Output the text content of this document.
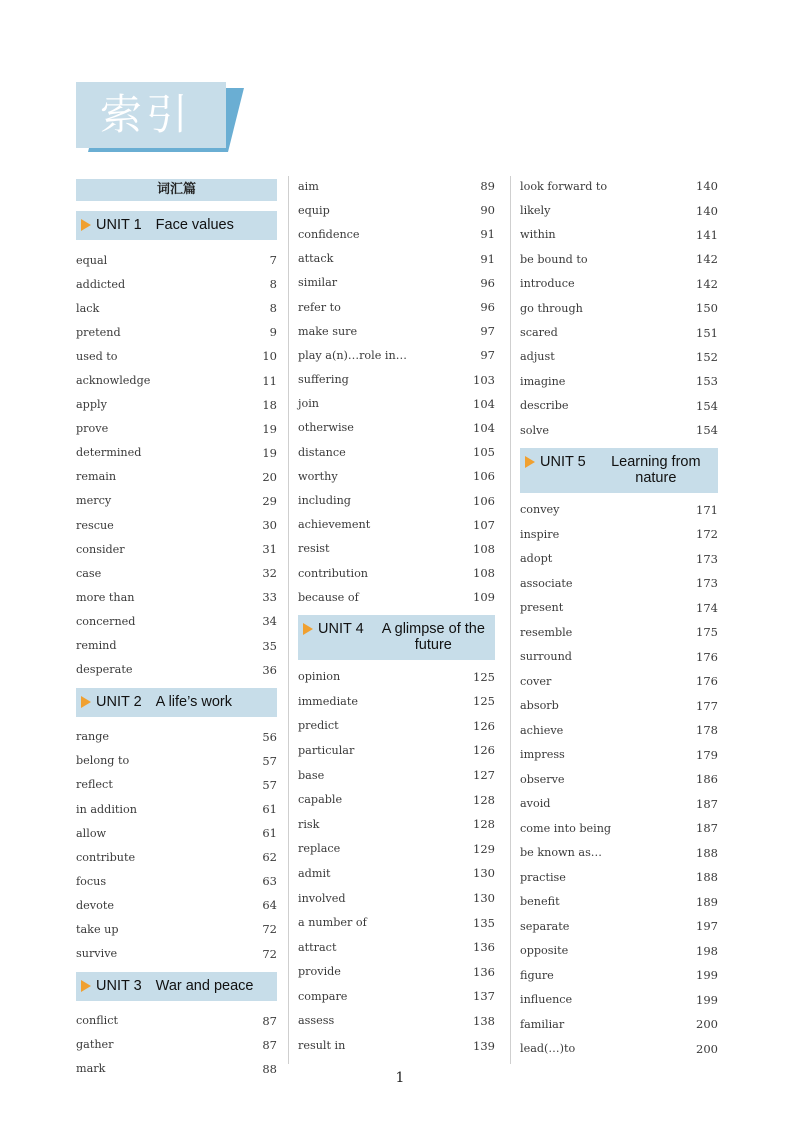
索引
词汇篇
UNIT 1 Face values
equal	7
addicted	8
lack	8
pretend	9
used to	10
acknowledge	11
apply	18
prove	19
determined	19
remain	20
mercy	29
rescue	30
consider	31
case	32
more than	33
concerned	34
remind	35
desperate	36
UNIT 2 A life’s work
range	56
belong to	57
reflect	57
in addition	61
allow	61
contribute	62
focus	63
devote	64
take up	72
survive	72
UNIT 3 War and peace
conflict	87
gather	87
mark	88
aim	89
equip	90
confidence	91
attack	91
similar	96
refer to	96
make sure	97
play a(n)…role in…	97
suffering	103
join	104
otherwise	104
distance	105
worthy	106
including	106
achievement	107
resist	108
contribution	108
because of	109
UNIT 4 A glimpse of the future
opinion	125
immediate	125
predict	126
particular	126
base	127
capable	128
risk	128
replace	129
admit	130
involved	130
a number of	135
attract	136
provide	136
compare	137
assess	138
result in	139
look forward to	140
likely	140
within	141
be bound to	142
introduce	142
go through	150
scared	151
adjust	152
imagine	153
describe	154
solve	154
UNIT 5	Learning from nature
convey	171
inspire	172
adopt	173
associate	173
present	174
resemble	175
surround	176
cover	176
absorb	177
achieve	178
impress	179
observe	186
avoid	187
come into being	187
be known as…	188
practise	188
benefit	189
separate	197
opposite	198
figure	199
influence	199
familiar	200
lead(…)to	200
1
